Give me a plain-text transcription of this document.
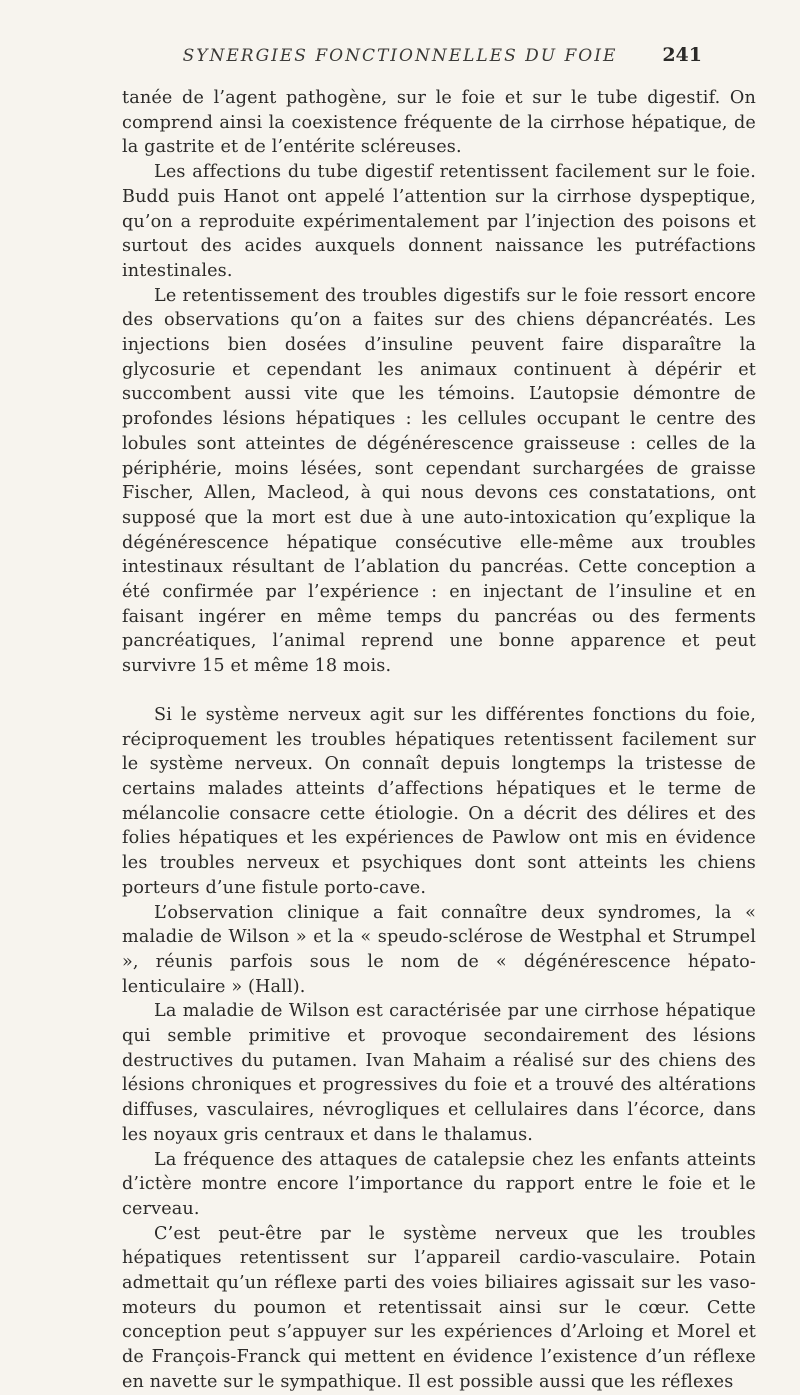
SYNERGIES FONCTIONNELLES DU FOIE	241

tanée de l’agent pathogène, sur le foie et sur le tube digestif. On comprend ainsi la coexistence fréquente de la cirrhose hépatique, de la gastrite et de l’entérite scléreuses.

Les affections du tube digestif retentissent facilement sur le foie. Budd puis Hanot ont appelé l’attention sur la cirrhose dyspeptique, qu’on a reproduite expérimentalement par l’injection des poisons et surtout des acides auxquels donnent naissance les putréfactions intestinales.

Le retentissement des troubles digestifs sur le foie ressort encore des observations qu’on a faites sur des chiens dépancréatés. Les injections bien dosées d’insuline peuvent faire disparaître la glycosurie et cependant les animaux continuent à dépérir et succombent aussi vite que les témoins. L’autopsie démontre de profondes lésions hépatiques : les cellules occupant le centre des lobules sont atteintes de dégénérescence graisseuse : celles de la périphérie, moins lésées, sont cependant surchargées de graisse Fischer, Allen, Macleod, à qui nous devons ces constatations, ont supposé que la mort est due à une auto-intoxication qu’explique la dégénérescence hépatique consécutive elle-même aux troubles intestinaux résultant de l’ablation du pancréas. Cette conception a été confirmée par l’expérience : en injectant de l’insuline et en faisant ingérer en même temps du pancréas ou des ferments pancréatiques, l’animal reprend une bonne apparence et peut survivre 15 et même 18 mois.

Si le système nerveux agit sur les différentes fonctions du foie, réciproquement les troubles hépatiques retentissent facilement sur le système nerveux. On connaît depuis longtemps la tristesse de certains malades atteints d’affections hépatiques et le terme de mélancolie consacre cette étiologie. On a décrit des délires et des folies hépatiques et les expériences de Pawlow ont mis en évidence les troubles nerveux et psychiques dont sont atteints les chiens porteurs d’une fistule porto-cave.

L’observation clinique a fait connaître deux syndromes, la « maladie de Wilson » et la « speudo-sclérose de Westphal et Strumpel », réunis parfois sous le nom de « dégénérescence hépato-lenticulaire » (Hall).

La maladie de Wilson est caractérisée par une cirrhose hépatique qui semble primitive et provoque secondairement des lésions destructives du putamen. Ivan Mahaim a réalisé sur des chiens des lésions chroniques et progressives du foie et a trouvé des altérations diffuses, vasculaires, névrogliques et cellulaires dans l’écorce, dans les noyaux gris centraux et dans le thalamus.

La fréquence des attaques de catalepsie chez les enfants atteints d’ictère montre encore l’importance du rapport entre le foie et le cerveau.

C’est peut-être par le système nerveux que les troubles hépatiques retentissent sur l’appareil cardio-vasculaire. Potain admettait qu’un réflexe parti des voies biliaires agissait sur les vaso-moteurs du poumon et retentissait ainsi sur le cœur. Cette conception peut s’appuyer sur les expériences d’Arloing et Morel et de François-Franck qui mettent en évidence l’existence d’un réflexe en navette sur le sympathique. Il est possible aussi que les réflexes
